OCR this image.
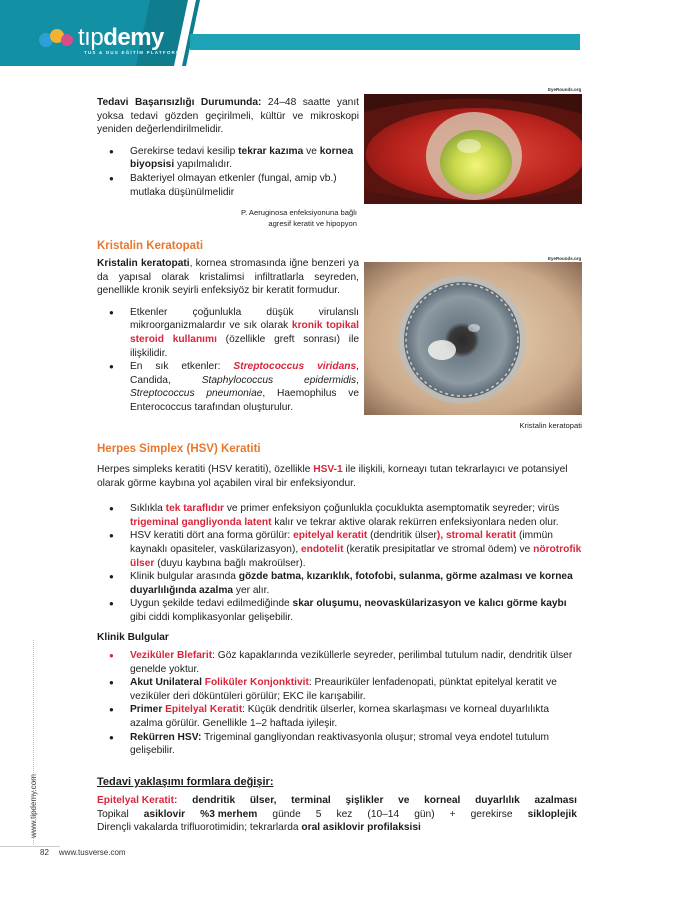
tıpdemy
TUS & DUS EĞİTİM PLATFORMU
EyeRounds.org
P. Aeruginosa enfeksiyonuna bağlı
agresif keratit ve hipopyon

Tedavi Başarısızlığı Durumunda: 24–48 saatte yanıt yoksa tedavi gözden geçirilmeli, kültür ve mikroskopi yeniden değerlendirilmelidir.

● Gerekirse tedavi kesilip tekrar kazıma ve kornea biyopsisi yapılmalıdır.
● Bakteriyel olmayan etkenler (fungal, amip vb.) mutlaka düşünülmelidir
Kristalin Keratopati

Kristalin keratopati, kornea stromasında iğne benzeri ya da yapısal olarak kristalimsi infiltratlarla seyreden, genellikle kronik seyirli enfeksiyöz bir keratit formudur.

● Etkenler çoğunlukla düşük virulanslı mikroorganizmalardır ve sık olarak kronik topikal steroid kullanımı (özellikle greft sonrası) ile ilişkilidir.
● En sık etkenler: Streptococcus viridans, Candida, Staphylococcus epidermidis, Streptococcus pneumoniae, Haemophilus ve Enterococcus tarafından oluşturulur.
EyeRounds.org
Kristalin keratopati
Herpes Simplex (HSV) Keratiti

Herpes simpleks keratiti (HSV keratiti), özellikle HSV-1 ile ilişkili, korneayı tutan tekrarlayıcı ve potansiyel olarak görme kaybına yol açabilen viral bir enfeksiyondur.

● Sıklıkla tek taraflıdır ve primer enfeksiyon çoğunlukla çocuklukta asemptomatik seyreder; virüs trigeminal gangliyonda latent kalır ve tekrar aktive olarak rekürren enfeksiyonlara neden olur.
● HSV keratiti dört ana forma görülür: epitelyal keratit (dendritik ülser), stromal keratit (immün kaynaklı opasiteler, vaskülarizasyon), endotelit (keratik presipitatlar ve stromal ödem) ve nörotrofik ülser (duyu kaybına bağlı makroülser).
● Klinik bulgular arasında gözde batma, kızarıklık, fotofobi, sulanma, görme azalması ve kornea duyarlılığında azalma yer alır.
● Uygun şekilde tedavi edilmediğinde skar oluşumu, neovaskülarizasyon ve kalıcı görme kaybı gibi ciddi komplikasyonlar gelişebilir.
Klinik Bulgular
● Veziküler Blefarit: Göz kapaklarında veziküllerle seyreder, perilimbal tutulum nadir, dendritik ülser genelde yoktur.
● Akut Unilateral Foliküler Konjonktivit: Preauriküler lenfadenopati, pünktat epitelyal keratit ve veziküler deri döküntüleri görülür; EKC ile karışabilir.
● Primer Epitelyal Keratit: Küçük dendritik ülserler, kornea skarlaşması ve korneal duyarlılıkta azalma görülür. Genellikle 1–2 haftada iyileşir.
● Rekürren HSV: Trigeminal gangliyondan reaktivasyonla oluşur; stromal veya endotel tutulum gelişebilir.
Tedavi yaklaşımı formlara değişir:
Epitelyal Keratit: dendritik ülser, terminal şişlikler ve korneal duyarlılık azalması
Topikal asiklovir %3 merhem günde 5 kez (10–14 gün) + gerekirse sikloplejik
Dirençli vakalarda trifluorotimidin; tekrarlarda oral asiklovir profilaksisi
www.tipdemy.com
82 www.tusverse.com
